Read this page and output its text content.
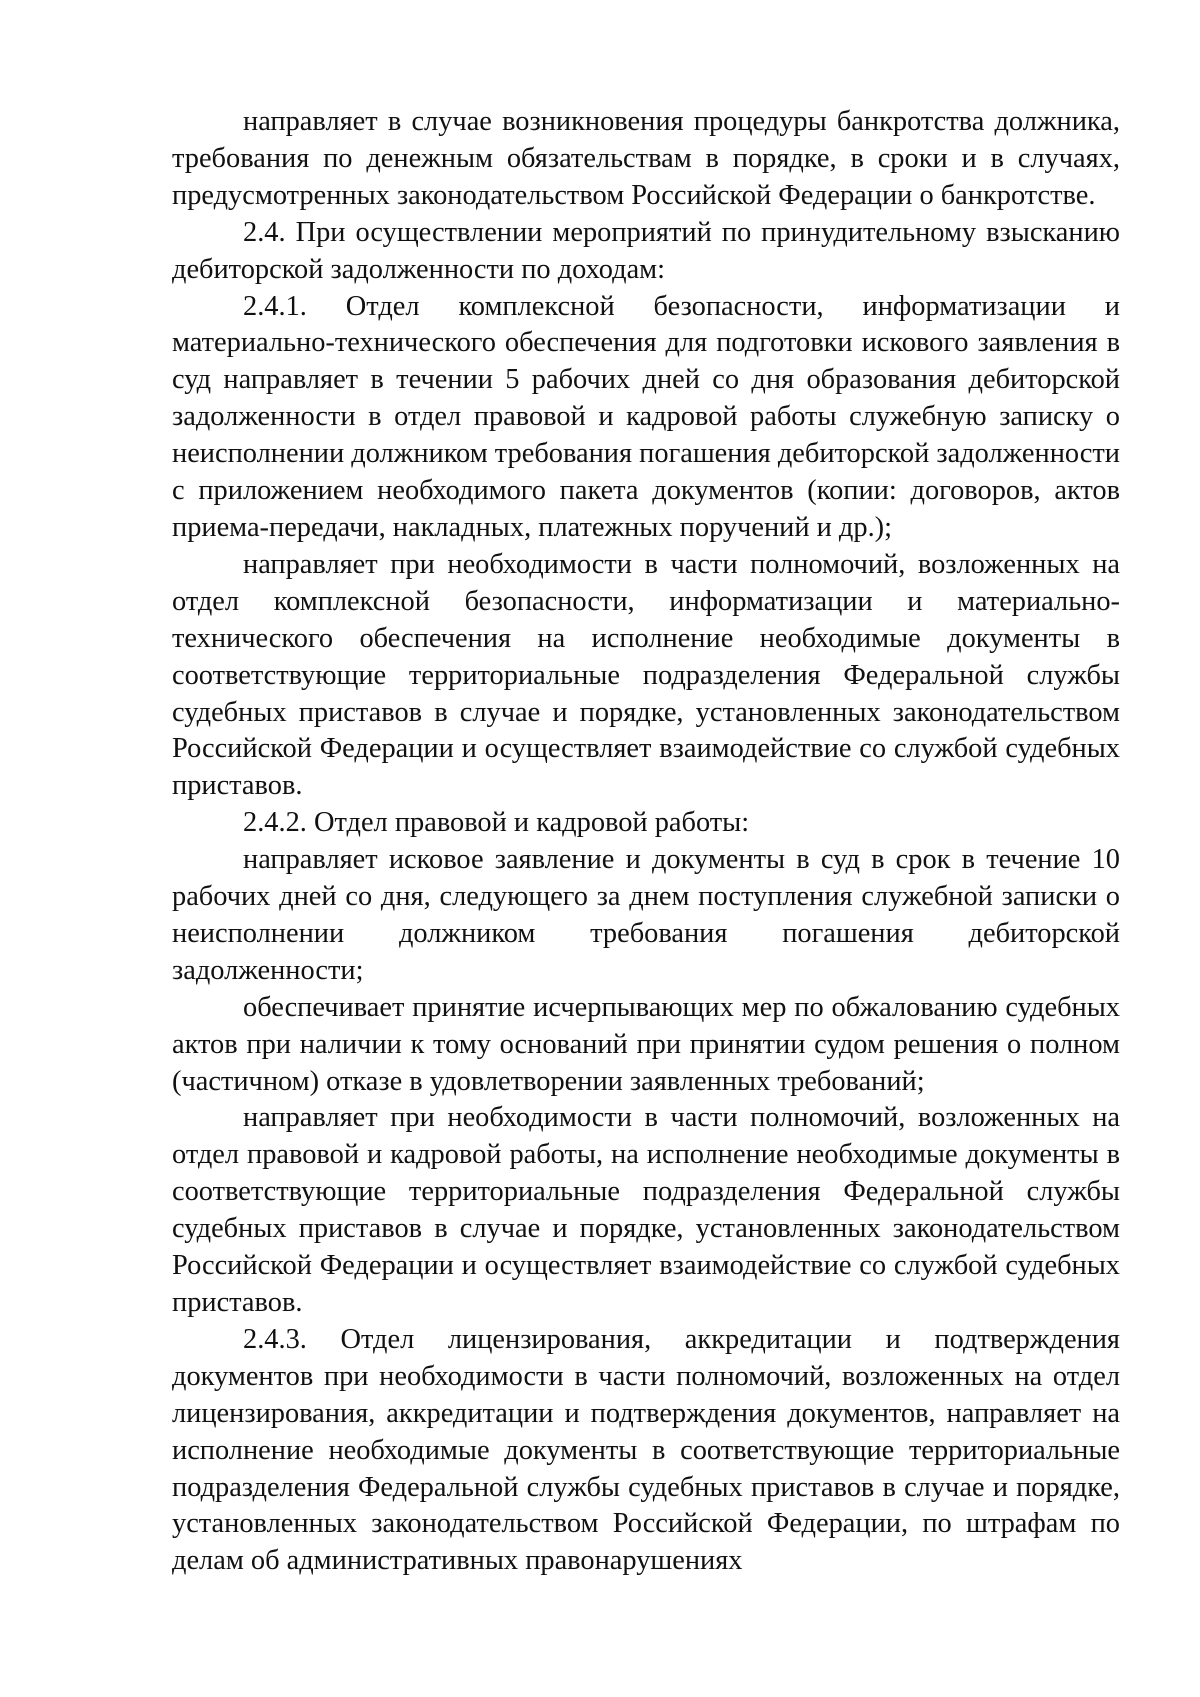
направляет в случае возникновения процедуры банкротства должника, требования по денежным обязательствам в порядке, в сроки и в случаях, предусмотренных законодательством Российской Федерации о банкротстве.

2.4. При осуществлении мероприятий по принудительному взысканию дебиторской задолженности по доходам:

2.4.1. Отдел комплексной безопасности, информатизации и материально-технического обеспечения для подготовки искового заявления в суд направляет в течении 5 рабочих дней со дня образования дебиторской задолженности в отдел правовой и кадровой работы служебную записку о неисполнении должником требования погашения дебиторской задолженности с приложением необходимого пакета документов (копии: договоров, актов приема-передачи, накладных, платежных поручений и др.);

направляет при необходимости в части полномочий, возложенных на отдел комплексной безопасности, информатизации и материально-технического обеспечения на исполнение необходимые документы в соответствующие территориальные подразделения Федеральной службы судебных приставов в случае и порядке, установленных законодательством Российской Федерации и осуществляет взаимодействие со службой судебных приставов.

2.4.2. Отдел правовой и кадровой работы:

направляет исковое заявление и документы в суд в срок в течение 10 рабочих дней со дня, следующего за днем поступления служебной записки о неисполнении должником требования погашения дебиторской задолженности;

обеспечивает принятие исчерпывающих мер по обжалованию судебных актов при наличии к тому оснований при принятии судом решения о полном (частичном) отказе в удовлетворении заявленных требований;

направляет при необходимости в части полномочий, возложенных на отдел правовой и кадровой работы, на исполнение необходимые документы в соответствующие территориальные подразделения Федеральной службы судебных приставов в случае и порядке, установленных законодательством Российской Федерации и осуществляет взаимодействие со службой судебных приставов.

2.4.3. Отдел лицензирования, аккредитации и подтверждения документов при необходимости в части полномочий, возложенных на отдел лицензирования, аккредитации и подтверждения документов, направляет на исполнение необходимые документы в соответствующие территориальные подразделения Федеральной службы судебных приставов в случае и порядке, установленных законодательством Российской Федерации, по штрафам по делам об административных правонарушениях
